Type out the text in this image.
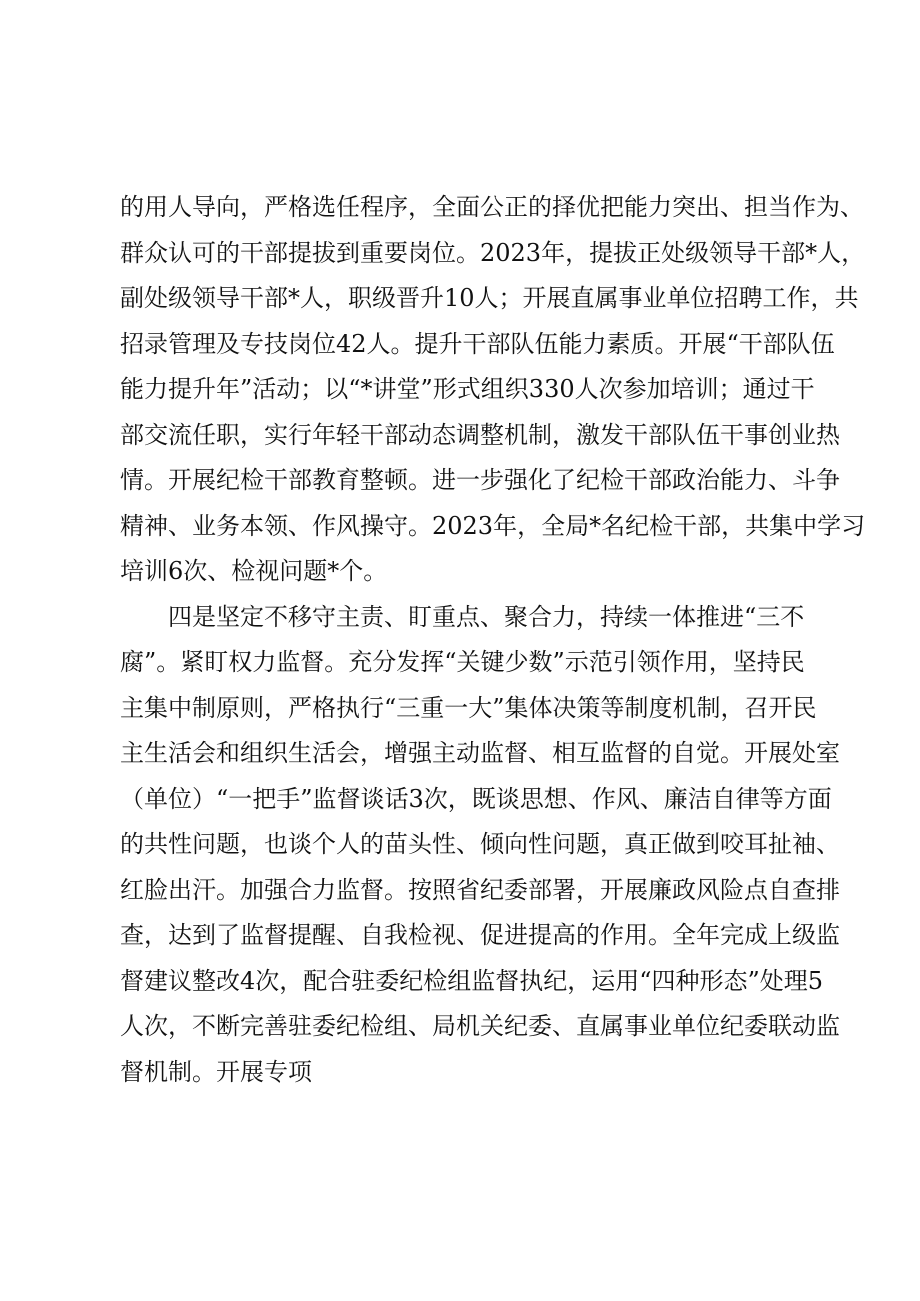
的用人导向，严格选任程序，全面公正的择优把能力突出、担当作为、
群众认可的干部提拔到重要岗位。2023年，提拔正处级领导干部*人，
副处级领导干部*人，职级晋升10人；开展直属事业单位招聘工作，共
招录管理及专技岗位42人。提升干部队伍能力素质。开展“干部队伍
能力提升年”活动；以“*讲堂”形式组织330人次参加培训；通过干
部交流任职，实行年轻干部动态调整机制，激发干部队伍干事创业热
情。开展纪检干部教育整顿。进一步强化了纪检干部政治能力、斗争
精神、业务本领、作风操守。2023年，全局*名纪检干部，共集中学习
培训6次、检视问题*个。
四是坚定不移守主责、盯重点、聚合力，持续一体推进“三不
腐”。紧盯权力监督。充分发挥“关键少数”示范引领作用，坚持民
主集中制原则，严格执行“三重一大”集体决策等制度机制，召开民
主生活会和组织生活会，增强主动监督、相互监督的自觉。开展处室
（单位）“一把手”监督谈话3次，既谈思想、作风、廉洁自律等方面
的共性问题，也谈个人的苗头性、倾向性问题，真正做到咬耳扯袖、
红脸出汗。加强合力监督。按照省纪委部署，开展廉政风险点自查排
查，达到了监督提醒、自我检视、促进提高的作用。全年完成上级监
督建议整改4次，配合驻委纪检组监督执纪，运用“四种形态”处理5
人次，不断完善驻委纪检组、局机关纪委、直属事业单位纪委联动监
督机制。开展专项
